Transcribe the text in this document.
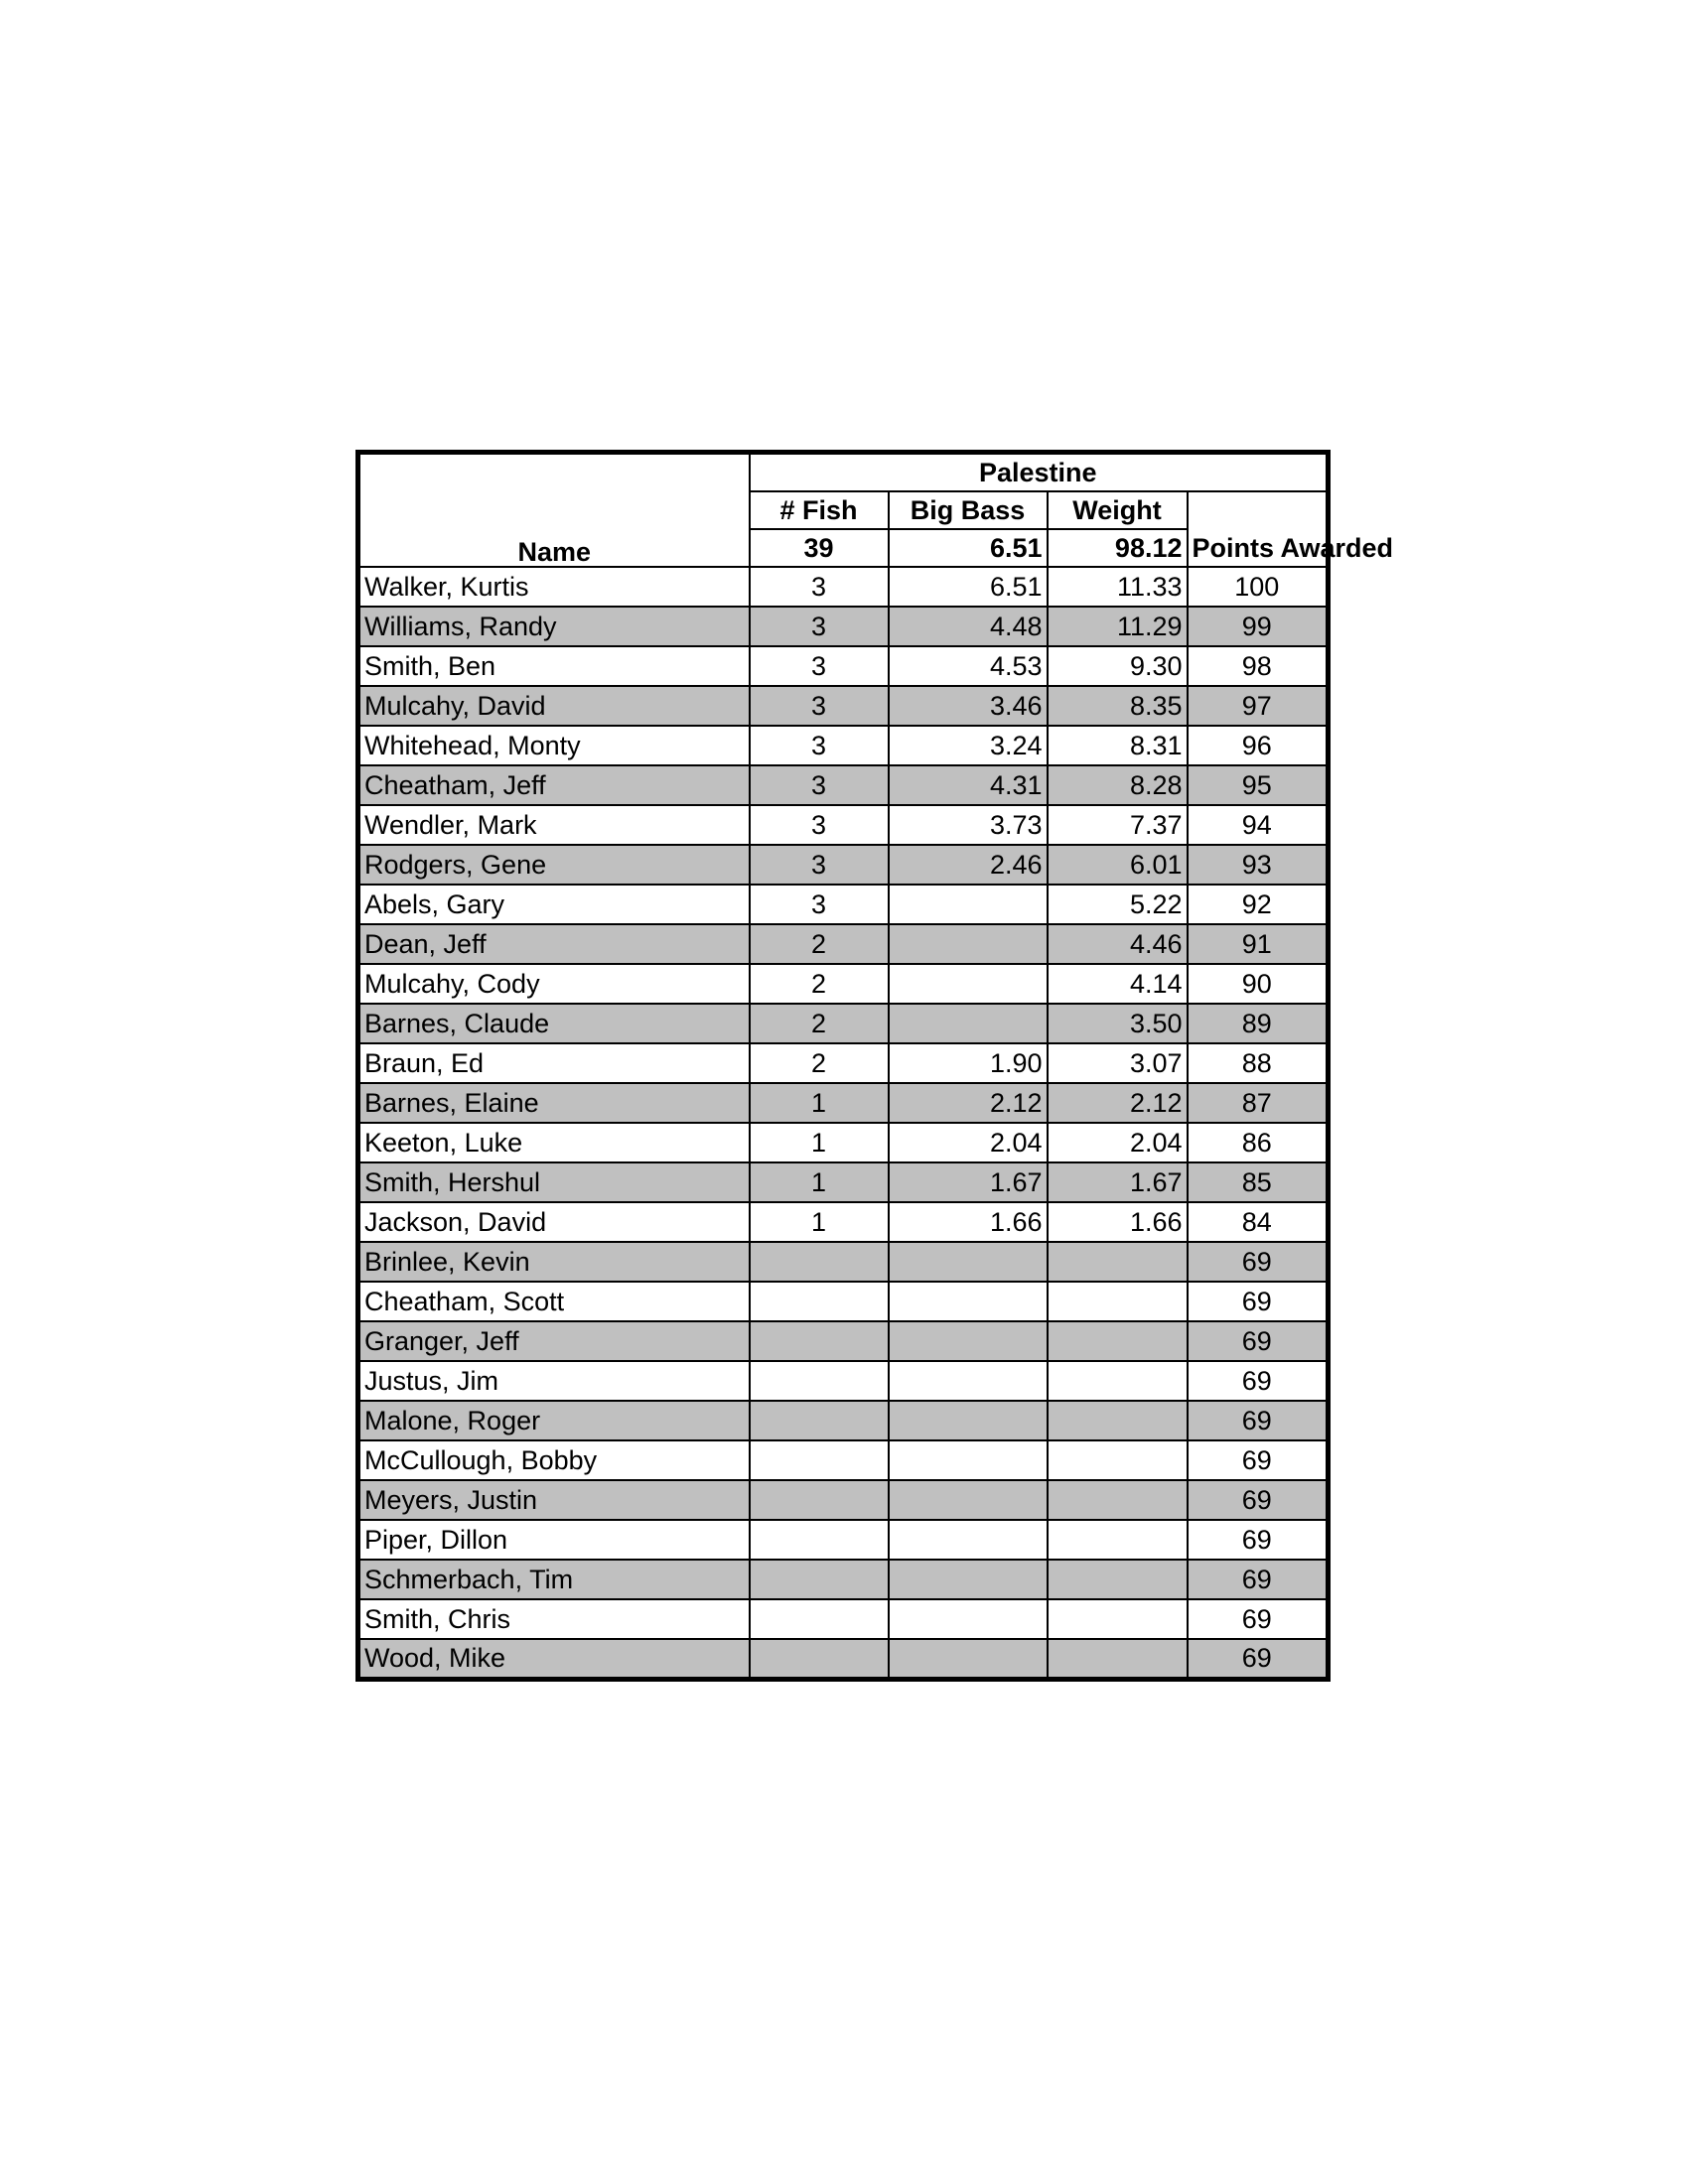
Name	Palestine			
	# Fish	Big Bass	Weight	Points Awarded
	39	6.51	98.12	
Walker, Kurtis	3	6.51	11.33	100
Williams, Randy	3	4.48	11.29	99
Smith, Ben	3	4.53	9.30	98
Mulcahy, David	3	3.46	8.35	97
Whitehead, Monty	3	3.24	8.31	96
Cheatham, Jeff	3	4.31	8.28	95
Wendler, Mark	3	3.73	7.37	94
Rodgers, Gene	3	2.46	6.01	93
Abels, Gary	3		5.22	92
Dean, Jeff	2		4.46	91
Mulcahy, Cody	2		4.14	90
Barnes, Claude	2		3.50	89
Braun, Ed	2	1.90	3.07	88
Barnes, Elaine	1	2.12	2.12	87
Keeton, Luke	1	2.04	2.04	86
Smith, Hershul	1	1.67	1.67	85
Jackson, David	1	1.66	1.66	84
Brinlee, Kevin				69
Cheatham, Scott				69
Granger, Jeff				69
Justus, Jim				69
Malone, Roger				69
McCullough, Bobby				69
Meyers, Justin				69
Piper, Dillon				69
Schmerbach, Tim				69
Smith, Chris				69
Wood, Mike				69
